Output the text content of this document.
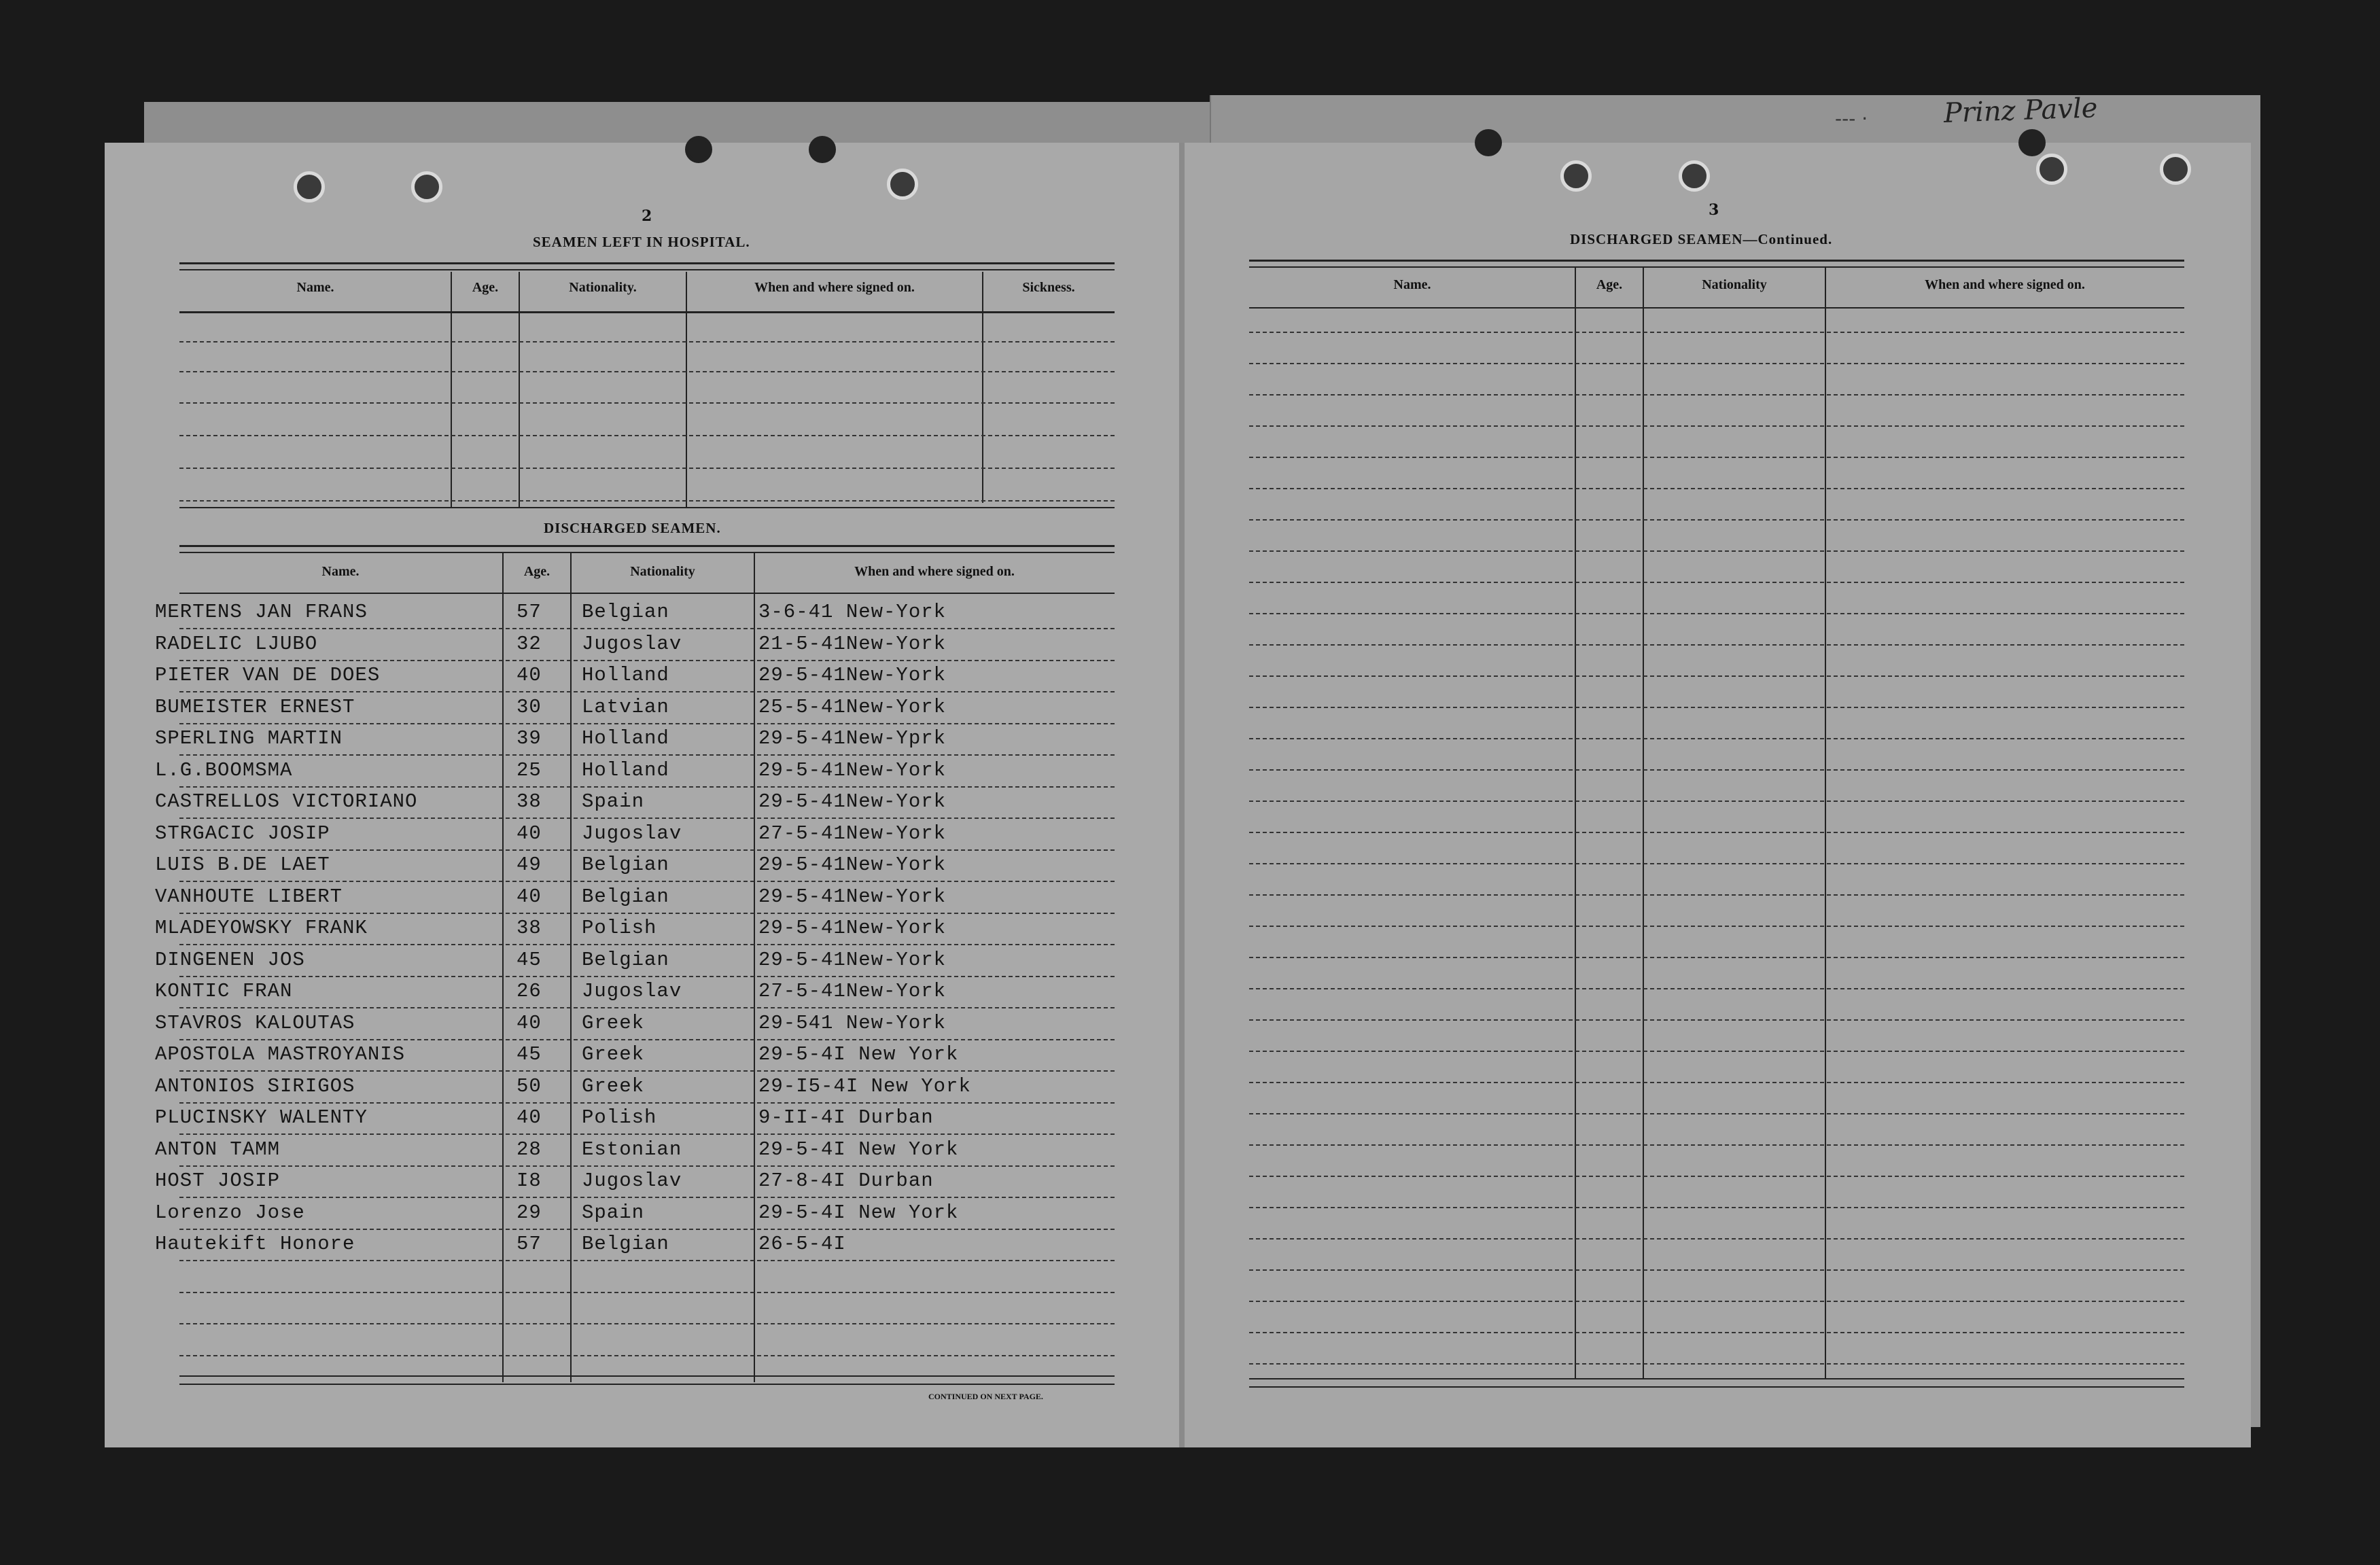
--- ·	Prinz Pavle
2
SEAMEN LEFT IN HOSPITAL.
Name.	Age.	Nationality.	When and where signed on.	Sickness.
DISCHARGED SEAMEN.
Name.	Age.	Nationality	When and where signed on.
MERTENS JAN FRANS	57 Belgian	3-6-41 New-York
RADELIC LJUBO	32 Jugoslav	21-5-41New-York
PIETER VAN DE DOES	40 Holland	29-5-41New-York
BUMEISTER ERNEST	30 Latvian	25-5-41New-York
SPERLING MARTIN	39 Holland	29-5-41New-Yprk
L.G.BOOMSMA	25 Holland	29-5-41New-York
CASTRELLOS VICTORIANO	38 Spain	29-5-41New-York
STRGACIC JOSIP	40 Jugoslav	27-5-41New-York
LUIS B.DE LAET	49 Belgian	29-5-41New-York
VANHOUTE LIBERT	40 Belgian	29-5-41New-York
MLADEYOWSKY FRANK	38 Polish	29-5-41New-York
DINGENEN JOS	45 Belgian	29-5-41New-York
KONTIC FRAN	26 Jugoslav	27-5-41New-York
STAVROS KALOUTAS	40 Greek	29-541 New-York
APOSTOLA MASTROYANIS	45 Greek	29-5-4I New York
ANTONIOS SIRIGOS	50 Greek	29-I5-4I New York
PLUCINSKY WALENTY	40 Polish	9-II-4I Durban
ANTON TAMM	28 Estonian	29-5-4I New York
HOST JOSIP	I8 Jugoslav	27-8-4I Durban
Lorenzo Jose	29 Spain	29-5-4I New York
Hautekift Honore	57 Belgian	26-5-4I
CONTINUED ON NEXT PAGE.
3
DISCHARGED SEAMEN—Continued.
Name.	Age.	Nationality	When and where signed on.
